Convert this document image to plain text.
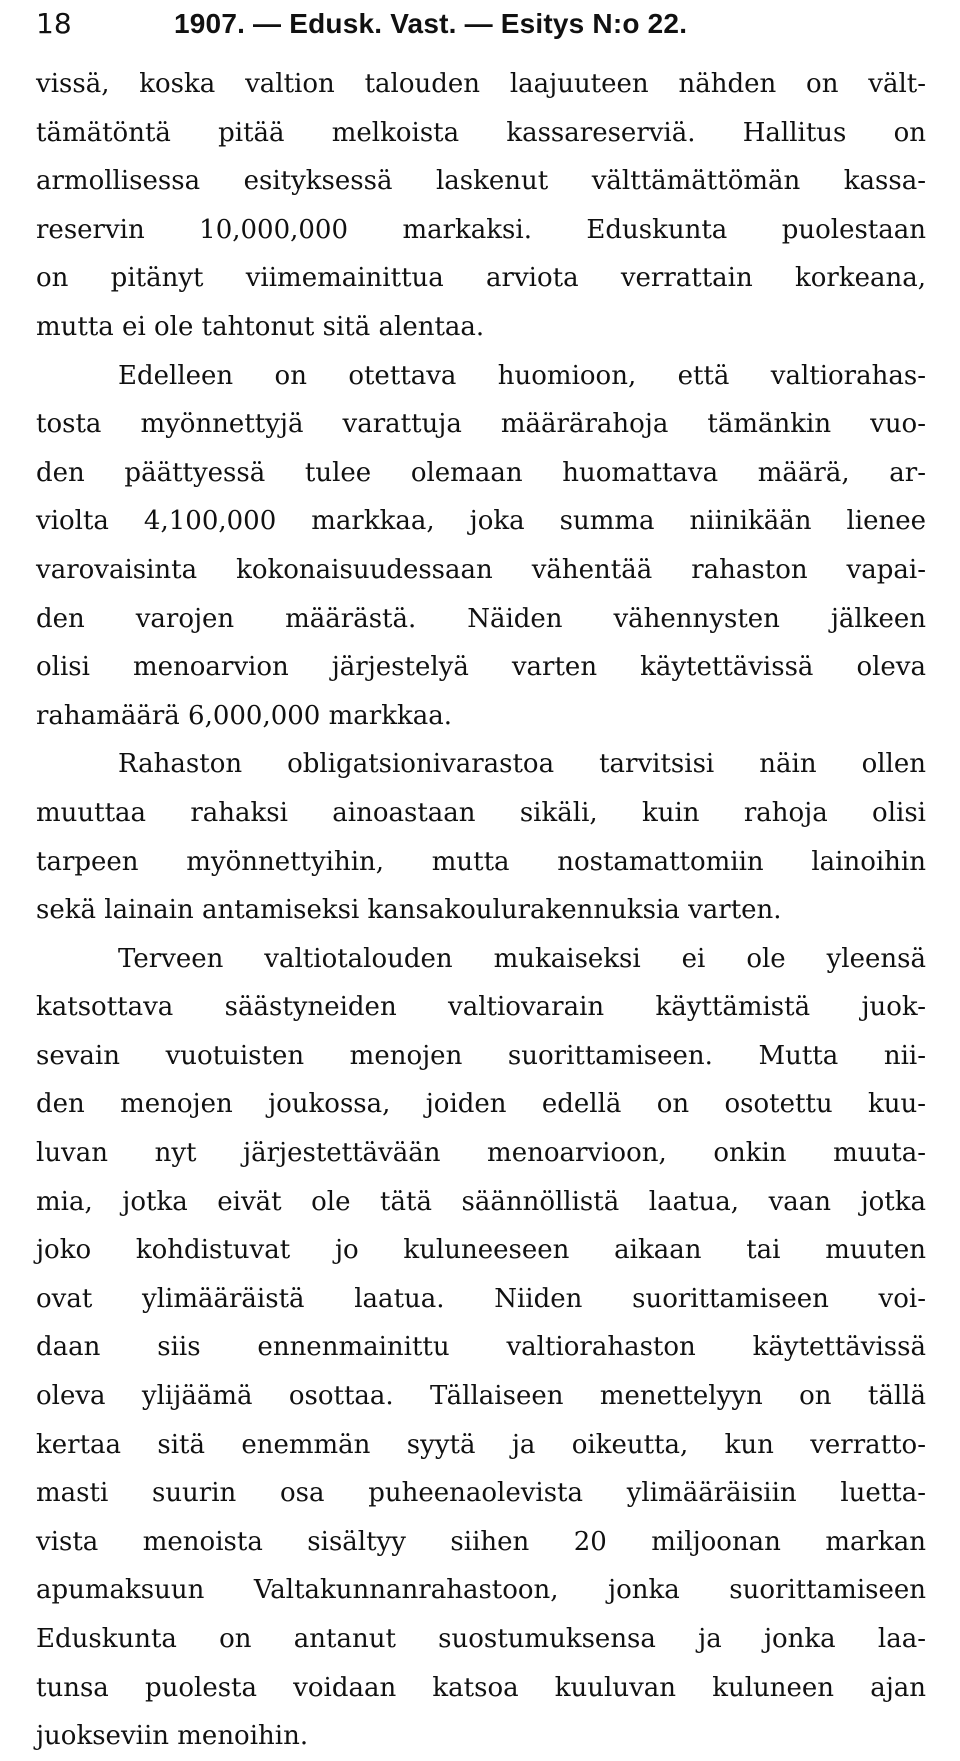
18	1907. — Edusk. Vast. — Esitys N:o 22.
vissä, koska valtion talouden laajuuteen nähden on vält-
tämätöntä pitää melkoista kassareserviä. Hallitus on
armollisessa esityksessä laskenut välttämättömän kassa-
reservin 10,000,000 markaksi. Eduskunta puolestaan
on pitänyt viimemainittua arviota verrattain korkeana,
mutta ei ole tahtonut sitä alentaa.
Edelleen on otettava huomioon, että valtiorahas-
tosta myönnettyjä varattuja määrärahoja tämänkin vuo-
den päättyessä tulee olemaan huomattava määrä, ar-
violta 4,100,000 markkaa, joka summa niinikään lienee
varovaisinta kokonaisuudessaan vähentää rahaston vapai-
den varojen määrästä. Näiden vähennysten jälkeen
olisi menoarvion järjestelyä varten käytettävissä oleva
rahamäärä 6,000,000 markkaa.
Rahaston obligatsionivarastoa tarvitsisi näin ollen
muuttaa rahaksi ainoastaan sikäli, kuin rahoja olisi
tarpeen myönnettyihin, mutta nostamattomiin lainoihin
sekä lainain antamiseksi kansakoulurakennuksia varten.
Terveen valtiotalouden mukaiseksi ei ole yleensä
katsottava säästyneiden valtiovarain käyttämistä juok-
sevain vuotuisten menojen suorittamiseen. Mutta nii-
den menojen joukossa, joiden edellä on osotettu kuu-
luvan nyt järjestettävään menoarvioon, onkin muuta-
mia, jotka eivät ole tätä säännöllistä laatua, vaan jotka
joko kohdistuvat jo kuluneeseen aikaan tai muuten
ovat ylimääräistä laatua. Niiden suorittamiseen voi-
daan siis ennenmainittu valtiorahaston käytettävissä
oleva ylijäämä osottaa. Tällaiseen menettelyyn on tällä
kertaa sitä enemmän syytä ja oikeutta, kun verratto-
masti suurin osa puheenaolevista ylimääräisiin luetta-
vista menoista sisältyy siihen 20 miljoonan markan
apumaksuun Valtakunnanrahastoon, jonka suorittamiseen
Eduskunta on antanut suostumuksensa ja jonka laa-
tunsa puolesta voidaan katsoa kuuluvan kuluneen ajan
juokseviin menoihin.
